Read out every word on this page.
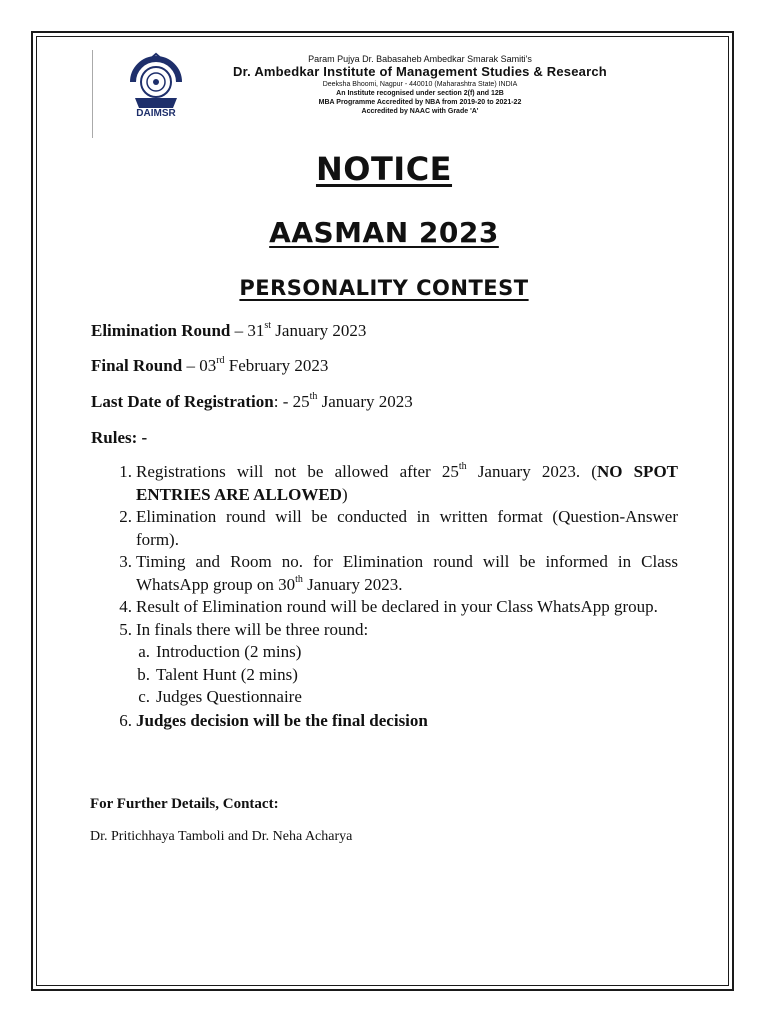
DAIMSR
Param Pujya Dr. Babasaheb Ambedkar Smarak Samiti's
Dr. Ambedkar Institute of Management Studies & Research
Deeksha Bhoomi, Nagpur - 440010 (Maharashtra State) INDIA
An Institute recognised under section 2(f) and 12B
MBA Programme Accredited by NBA from 2019-20 to 2021-22
Accredited by NAAC with Grade 'A'
NOTICE
AASMAN 2023
PERSONALITY CONTEST
Elimination Round – 31st January 2023
Final Round – 03rd February 2023
Last Date of Registration: - 25th January 2023
Rules: -
1. Registrations will not be allowed after 25th January 2023. (NO SPOT ENTRIES ARE ALLOWED)
2. Elimination round will be conducted in written format (Question-Answer form).
3. Timing and Room no. for Elimination round will be informed in Class WhatsApp group on 30th January 2023.
4. Result of Elimination round will be declared in your Class WhatsApp group.
5. In finals there will be three round:
a. Introduction (2 mins)
b. Talent Hunt (2 mins)
c. Judges Questionnaire
6. Judges decision will be the final decision
For Further Details, Contact:
Dr. Pritichhaya Tamboli and Dr. Neha Acharya
